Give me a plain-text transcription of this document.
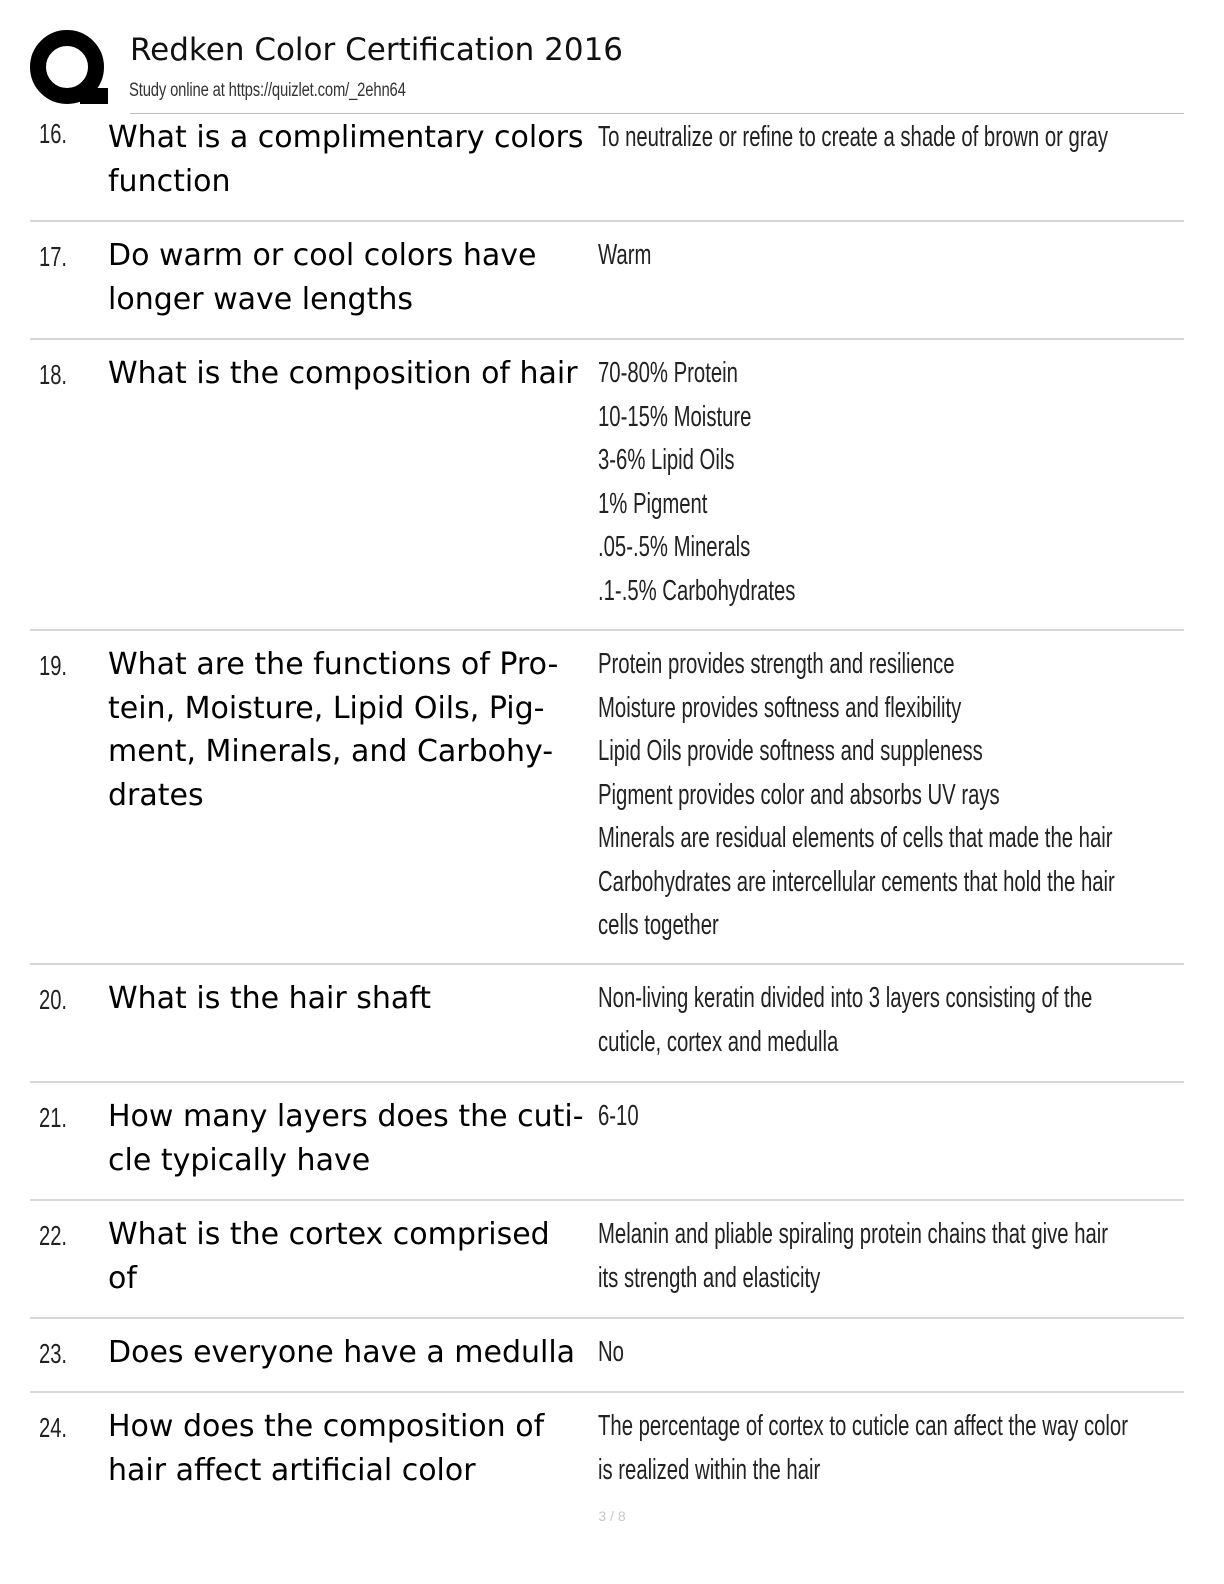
Redken Color Certification 2016
Study online at https://quizlet.com/_2ehn64
16. What is a complimentary colors function
To neutralize or refine to create a shade of brown or gray
17. Do warm or cool colors have longer wave lengths
Warm
18. What is the composition of hair 70-80% Protein
10-15% Moisture
3-6% Lipid Oils
1% Pigment
.05-.5% Minerals
.1-.5% Carbohydrates
19. What are the functions of Pro-
tein, Moisture, Lipid Oils, Pig-
ment, Minerals, and Carbohy-
drates
Protein provides strength and resilience
Moisture provides softness and flexibility
Lipid Oils provide softness and suppleness
Pigment provides color and absorbs UV rays
Minerals are residual elements of cells that made the hair
Carbohydrates are intercellular cements that hold the hair
cells together
20. What is the hair shaft	Non-living keratin divided into 3 layers consisting of the
cuticle, cortex and medulla
21. How many layers does the cuti-
cle typically have
6-10
22. What is the cortex comprised of
Melanin and pliable spiraling protein chains that give hair
its strength and elasticity
23. Does everyone have a medulla No
24. How does the composition of
hair affect artificial color
The percentage of cortex to cuticle can affect the way color
is realized within the hair
3 / 8
